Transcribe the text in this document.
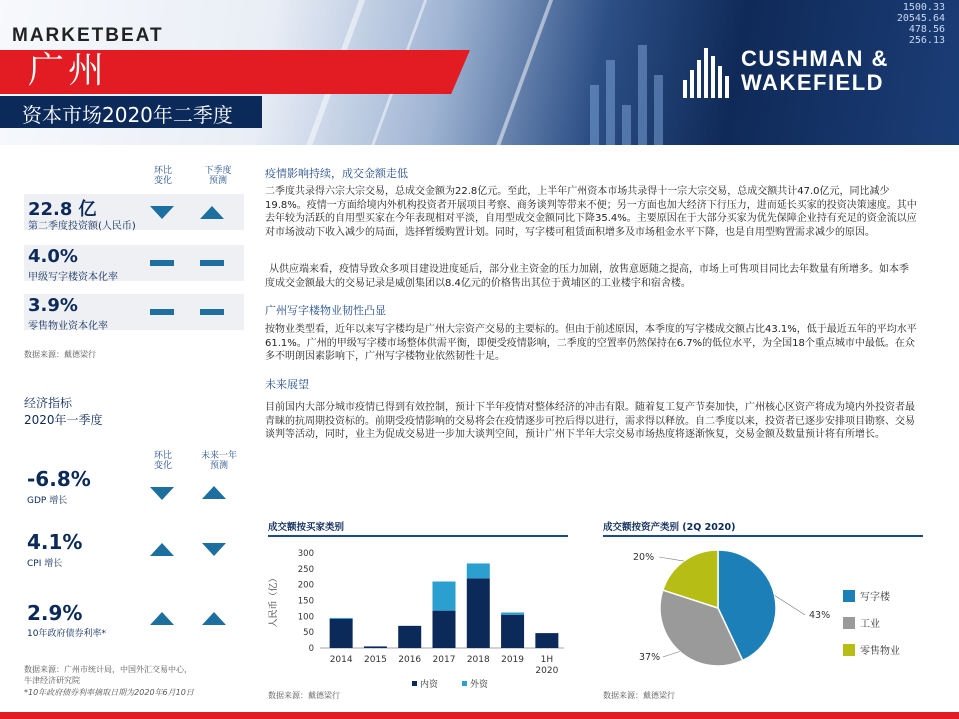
1500.33
20545.64
478.56
256.13
MARKETBEAT
广州
资本市场2020年二季度
CUSHMAN &
WAKEFIELD
环比
变化
下季度
预测
22.8 亿
第二季度投资额(人民币)
4.0%
甲级写字楼资本化率
3.9%
零售物业资本化率
数据来源：戴德梁行
经济指标
2020年一季度
环比
变化
未来一年
预测
-6.8%
GDP 增长
4.1%
CPI 增长
2.9%
10年政府债券利率*
数据来源：广州市统计局，中国外汇交易中心，
牛津经济研究院
*10年政府债券利率摘取日期为2020年6月10日
疫情影响持续，成交金额走低
二季度共录得六宗大宗交易，总成交金额为22.8亿元。至此，上半年广州资本市场共录得十一宗大宗交易，总成交额共计47.0亿元，同比减少19.8%。疫情一方面给境内外机构投资者开展项目考察、商务谈判等带来不便；另一方面也加大经济下行压力，进而延长买家的投资决策速度。其中去年较为活跃的自用型买家在今年表现相对平淡，自用型成交金额同比下降35.4%。主要原因在于大部分买家为优先保障企业持有充足的资金流以应对市场波动下收入减少的局面，选择暂缓购置计划。同时，写字楼可租赁面积增多及市场租金水平下降，也是自用型购置需求减少的原因。
从供应端来看，疫情导致众多项目建设进度延后，部分业主资金的压力加剧，放售意愿随之提高，市场上可售项目同比去年数量有所增多。如本季度成交金额最大的交易记录是威创集团以8.4亿元的价格售出其位于黄埔区的工业楼宇和宿舍楼。
广州写字楼物业韧性凸显
按物业类型看，近年以来写字楼均是广州大宗资产交易的主要标的。但由于前述原因，本季度的写字楼成交额占比43.1%，低于最近五年的平均水平61.1%。广州的甲级写字楼市场整体供需平衡，即便受疫情影响，二季度的空置率仍然保持在6.7%的低位水平，为全国18个重点城市中最低。在众多不明朗因素影响下，广州写字楼物业依然韧性十足。
未来展望
目前国内大部分城市疫情已得到有效控制，预计下半年疫情对整体经济的冲击有限。随着复工复产节奏加快，广州核心区资产将成为境内外投资者最青睐的抗周期投资标的。前期受疫情影响的交易将会在疫情逐步可控后得以进行，需求得以释放。自二季度以来，投资者已逐步安排项目勘察、交易谈判等活动，同时，业主为促成交易进一步加大谈判空间，预计广州下半年大宗交易市场热度将逐渐恢复，交易金额及数量预计将有所增长。
成交额按买家类别
人民币（亿）
0
50
100
150
200
250
300
2014 2015 2016 2017 2018 2019 1H
2020
内资	外资
数据来源：戴德梁行
成交额按资产类别 (2Q 2020)
43%
写字楼
37%
工业
20%
零售物业
数据来源：戴德梁行
